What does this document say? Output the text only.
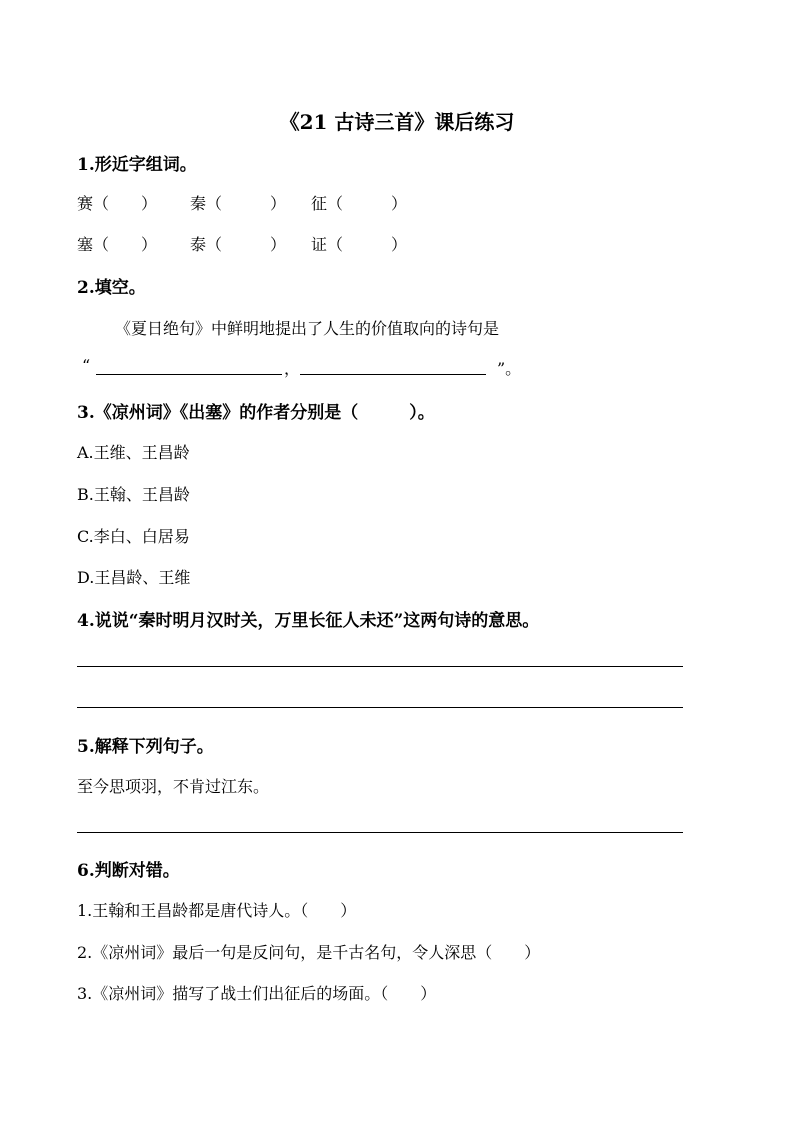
《21 古诗三首》课后练习
1.形近字组词。
赛（　　） 秦（　　　） 征（　　　）
塞（　　） 泰（　　　） 证（　　　）
2.填空。
《夏日绝句》中鲜明地提出了人生的价值取向的诗句是
“	，	”。
3.《凉州词》《出塞》的作者分别是（　　　）。
A.王维、王昌龄
B.王翰、王昌龄
C.李白、白居易
D.王昌龄、王维
4.说说“秦时明月汉时关，万里长征人未还”这两句诗的意思。
5.解释下列句子。
至今思项羽，不肯过江东。
6.判断对错。
1.王翰和王昌龄都是唐代诗人。（　　）
2.《凉州词》最后一句是反问句，是千古名句，令人深思（　　）
3.《凉州词》描写了战士们出征后的场面。（　　）
